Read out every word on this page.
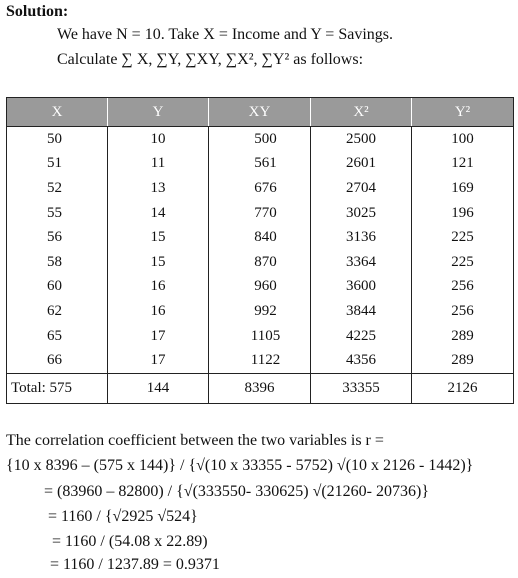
Solution:
We have N = 10. Take X = Income and Y = Savings.
Calculate ∑ X, ∑Y, ∑XY, ∑X², ∑Y² as follows:
X	Y	XY	X²	Y²
50	10	500	2500	100
51	11	561	2601	121
52	13	676	2704	169
55	14	770	3025	196
56	15	840	3136	225
58	15	870	3364	225
60	16	960	3600	256
62	16	992	3844	256
65	17	1105	4225	289
66	17	1122	4356	289
Total: 575	144	8396	33355	2126
The correlation coefficient between the two variables is r =
{10 x 8396 – (575 x 144)} / {√(10 x 33355 - 5752) √(10 x 2126 - 1442)}
= (83960 – 82800) / {√(333550- 330625) √(21260- 20736)}
= 1160 / {√2925 √524}
= 1160 / (54.08 x 22.89)
= 1160 / 1237.89 = 0.9371
